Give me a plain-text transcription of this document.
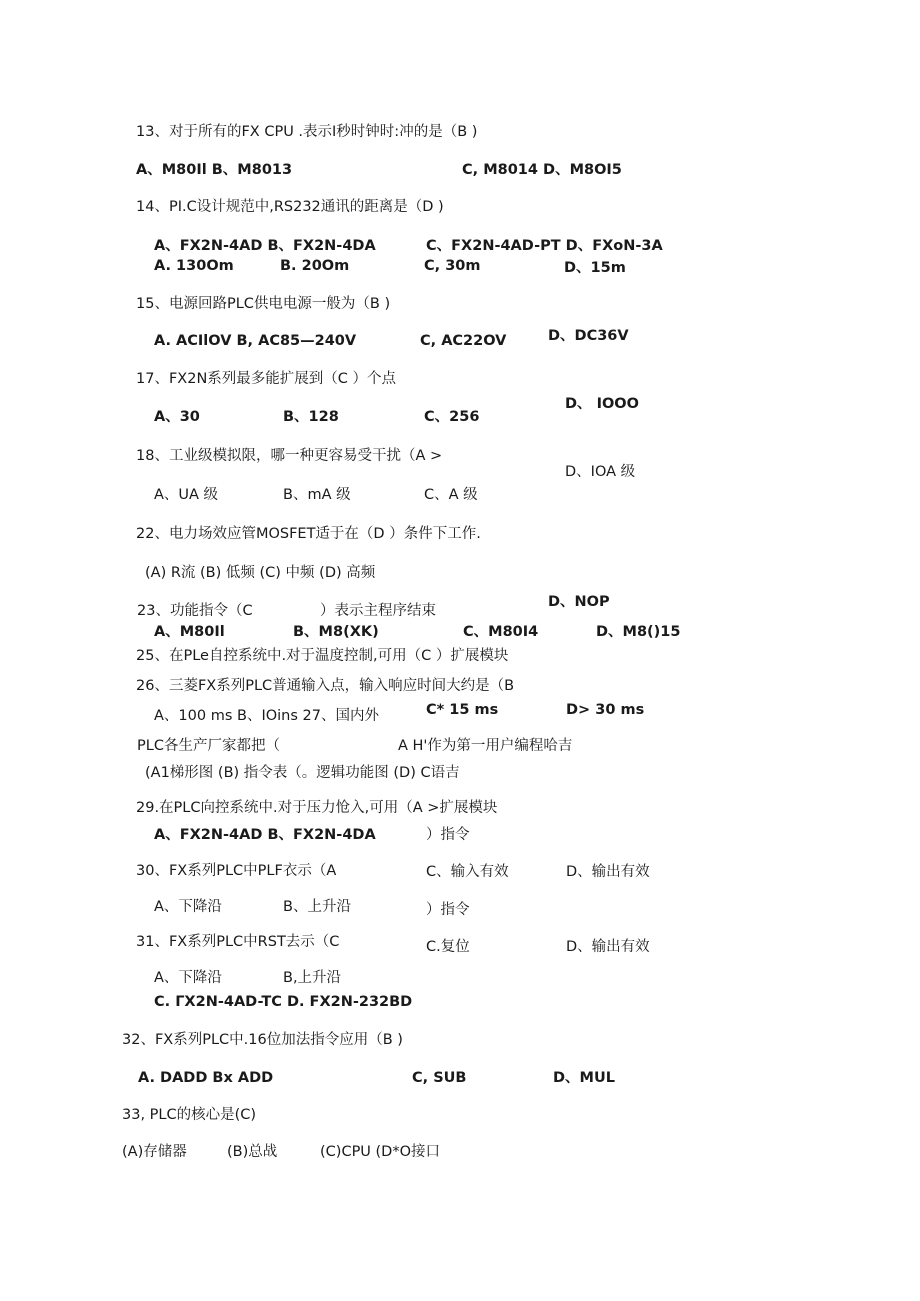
13、对于所有的FX CPU .表示I秒时钟时:冲的是（B )
A、M80Il B、M8013	C, M8014 D、M8OI5
14、PI.C设计规范中,RS232通讯的距离是（D )
A、FX2N-4AD B、FX2N-4DA	C、FX2N-4AD-PT D、FXoN-3A
A. 130Om	B. 20Om	C, 30m	D、15m
15、电源回路PLC供电电源一般为（B )
A. ACIlOV B, AC85—240V	C, AC22OV	D、DC36V
17、FX2N系列最多能扩展到（C ）个点
A、30	B、128	C、256
D、 IOOO
18、工业级模拟限，哪一种更容易受干扰（A >
D、IOA 级
A、UA 级	B、mA 级	C、A 级
22、电力场效应管MOSFET适于在（D ）条件下工作.
(A) R流 (B) 低频 (C) 中频 (D) 高频
D、NOP
23、功能指令（C	）表示主程序结束
A、M80Il	B、M8(XK)	C、M80I4	D、M8()15
25、在PLe自控系统中.对于温度控制,可用（C ）扩展模块
26、三菱FX系列PLC普通输入点，输入响应时间大约是（B
A、100 ms B、IOins 27、国内外	C* 15 ms	D> 30 ms
PLC各生产厂家都把（	A H'作为第一用户编程哈吉
(A1梯形图 (B) 指令表（。逻辑功能图 (D) C语吉
29.在PLC向控系统中.对于压力怆入,可用（A >扩展模块
A、FX2N-4AD B、FX2N-4DA	）指令
30、FX系列PLC中PLF衣示（A	C、输入有效	D、输出有效
A、下降沿	B、上升沿	）指令
31、FX系列PLC中RST去示（C	C.复位	D、输出有效
A、下降沿	B,上升沿
C. ΓX2N-4AD-TC D. FX2N-232BD
32、FX系列PLC中.16位加法指令应用（B )
A. DADD Bx ADD	C, SUB	D、MUL
33, PLC的核心是(C)
(A)存储器	(B)总战	(C)CPU (D*O接口
